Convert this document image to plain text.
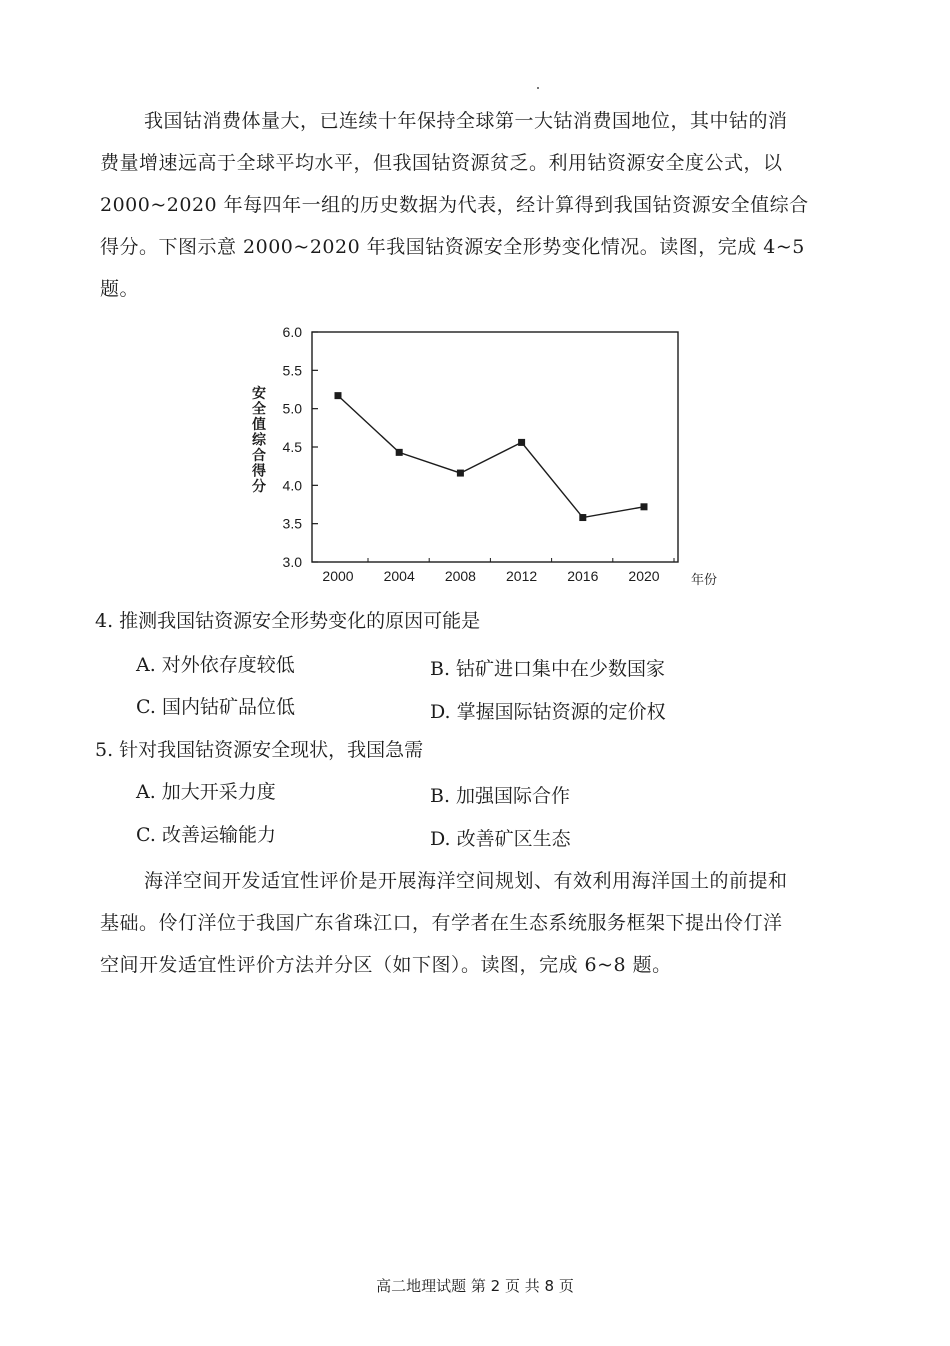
我国钴消费体量大，已连续十年保持全球第一大钴消费国地位，其中钴的消
费量增速远高于全球平均水平，但我国钴资源贫乏。利用钴资源安全度公式，以
2000~2020 年每四年一组的历史数据为代表，经计算得到我国钴资源安全值综合
得分。下图示意 2000~2020 年我国钴资源安全形势变化情况。读图，完成 4~5
题。
3.0
3.5
4.0
4.5
5.0
5.5
6.0
2000 2004 2008 2012 2016 2020 年份
安
全
值
综
合
得
分

4. 推测我国钴资源安全形势变化的原因可能是

A. 对外依存度较低	B. 钴矿进口集中在少数国家
C. 国内钴矿品位低	D. 掌握国际钴资源的定价权

5. 针对我国钴资源安全现状，我国急需

A. 加大开采力度	B. 加强国际合作
C. 改善运输能力	D. 改善矿区生态
海洋空间开发适宜性评价是开展海洋空间规划、有效利用海洋国土的前提和
基础。伶仃洋位于我国广东省珠江口，有学者在生态系统服务框架下提出伶仃洋
空间开发适宜性评价方法并分区（如下图）。读图，完成 6~8 题。
高二地理试题 第 2 页 共 8 页
